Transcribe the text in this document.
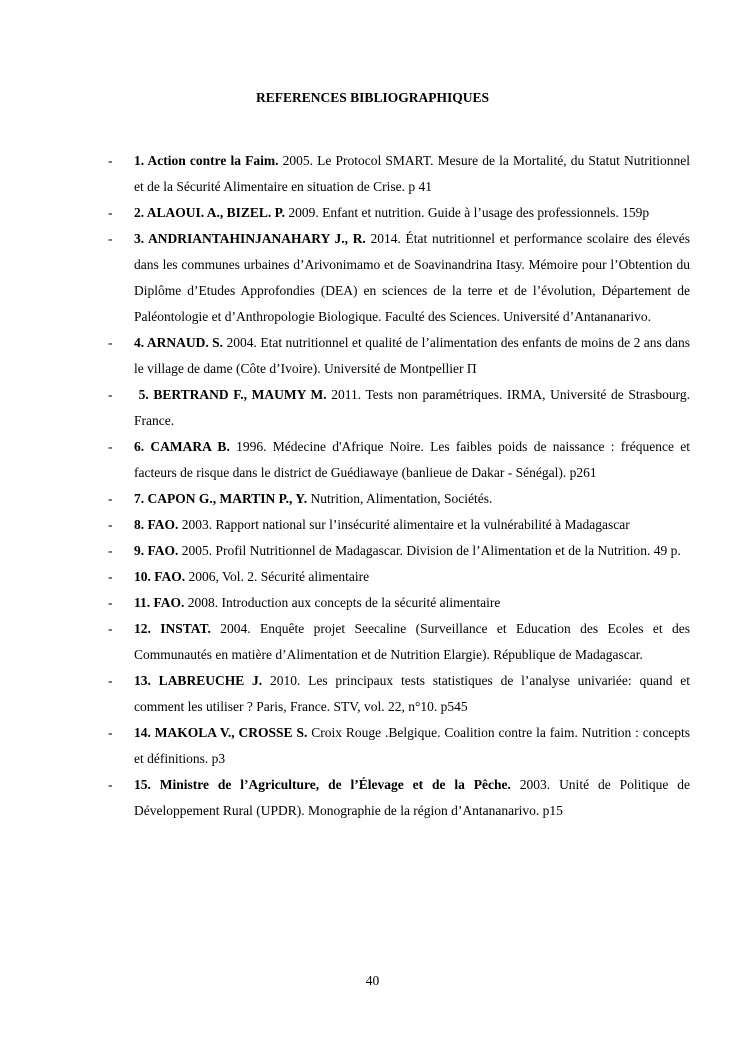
REFERENCES BIBLIOGRAPHIQUES
- 1. Action contre la Faim. 2005. Le Protocol SMART. Mesure de la Mortalité, du Statut Nutritionnel et de la Sécurité Alimentaire en situation de Crise. p 41
- 2. ALAOUI. A., BIZEL. P. 2009. Enfant et nutrition. Guide à l’usage des professionnels. 159p
- 3. ANDRIANTAHINJANAHARY J., R. 2014. État nutritionnel et performance scolaire des élevés dans les communes urbaines d’Arivonimamo et de Soavinandrina Itasy. Mémoire pour l’Obtention du Diplôme d’Etudes Approfondies (DEA) en sciences de la terre et de l’évolution, Département de Paléontologie et d’Anthropologie Biologique. Faculté des Sciences. Université d’Antananarivo.
- 4. ARNAUD. S. 2004. Etat nutritionnel et qualité de l’alimentation des enfants de moins de 2 ans dans le village de dame (Côte d’Ivoire). Université de Montpellier Π
- 5. BERTRAND F., MAUMY M. 2011. Tests non paramétriques. IRMA, Université de Strasbourg. France.
- 6. CAMARA B. 1996. Médecine d'Afrique Noire. Les faibles poids de naissance : fréquence et facteurs de risque dans le district de Guédiawaye (banlieue de Dakar - Sénégal). p261
- 7. CAPON G., MARTIN P., Y. Nutrition, Alimentation, Sociétés.
- 8. FAO. 2003. Rapport national sur l’insécurité alimentaire et la vulnérabilité à Madagascar
- 9. FAO. 2005. Profil Nutritionnel de Madagascar. Division de l’Alimentation et de la Nutrition. 49 p.
- 10. FAO. 2006, Vol. 2. Sécurité alimentaire
- 11. FAO. 2008. Introduction aux concepts de la sécurité alimentaire
- 12. INSTAT. 2004. Enquête projet Seecaline (Surveillance et Education des Ecoles et des Communautés en matière d’Alimentation et de Nutrition Elargie). République de Madagascar.
- 13. LABREUCHE J. 2010. Les principaux tests statistiques de l’analyse univariée: quand et comment les utiliser ? Paris, France. STV, vol. 22, n°10. p545
- 14. MAKOLA V., CROSSE S. Croix Rouge .Belgique. Coalition contre la faim. Nutrition : concepts et définitions. p3
- 15. Ministre de l’Agriculture, de l’Élevage et de la Pêche. 2003. Unité de Politique de Développement Rural (UPDR). Monographie de la région d’Antananarivo. p15
40
